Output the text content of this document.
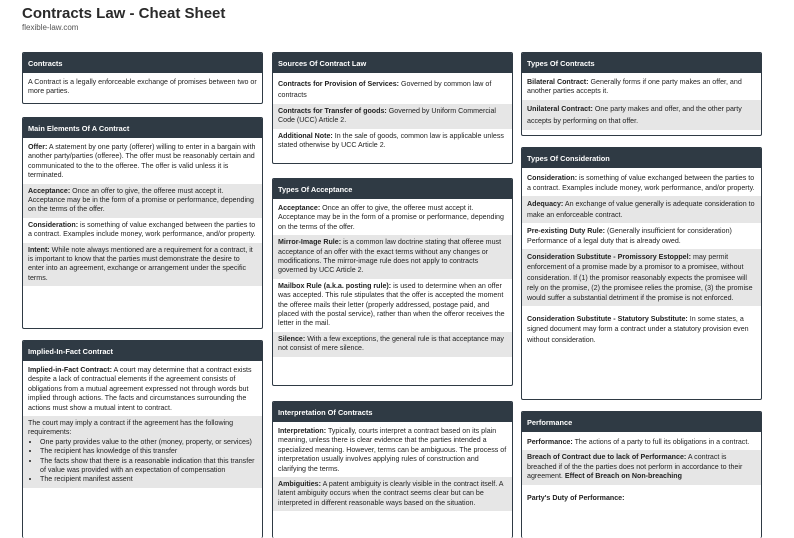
Contracts Law - Cheat Sheet
flexible-law.com
Contracts
A Contract is a legally enforceable exchange of promises between two or more parties.
Main Elements Of A Contract
Offer: A statement by one party (offerer) willing to enter in a bargain with another party/parties (offeree). The offer must be reasonably certain and communicated to the to the offeree. The offer is valid unless it is terminated.
Acceptance: Once an offer to give, the offeree must accept it. Acceptance may be in the form of a promise or performance, depending on the terms of the offer.
Consideration: is something of value exchanged between the parties to a contract. Examples include money, work performance, and/or property.
Intent: While note always mentioned are a requirement for a contract, it is important to know that the parties must demonstrate the desire to enter into an agreement, exchange or arrangement under the specific terms.
Implied-In-Fact Contract
Implied-in-Fact Contract: A court may determine that a contract exists despite a lack of contractual elements if the agreement consists of obligations from a mutual agreement expressed not through words but implied through actions. The facts and circumstances surrounding the actions must show a mutual intent to contract.
The court may imply a contract if the agreement has the following requirements:
• One party provides value to the other (money, property, or services)
• The recipient has knowledge of this transfer
• The facts show that there is a reasonable indication that this transfer of value was provided with an expectation of compensation
• The recipient manifest assent
Sources Of Contract Law
Contracts for Provision of Services: Governed by common law of contracts
Contracts for Transfer of goods: Governed by Uniform Commercial Code (UCC) Article 2.
Additional Note: In the sale of goods, common law is applicable unless stated otherwise by UCC Article 2.
Types Of Acceptance
Acceptance: Once an offer to give, the offeree must accept it. Acceptance may be in the form of a promise or performance, depending on the terms of the offer.
Mirror-Image Rule: is a common law doctrine stating that offeree must acceptance of an offer with the exact terms without any changes or modifications. The mirror-image rule does not apply to contracts governed by UCC Article 2.
Mailbox Rule (a.k.a. posting rule): is used to determine when an offer was accepted. This rule stipulates that the offer is accepted the moment the offeree mails their letter (properly addressed, postage paid, and placed with the postal service), rather than when the offeror receives the letter in the mail.
Silence: With a few exceptions, the general rule is that acceptance may not consist of mere silence.
Interpretation Of Contracts
Interpretation: Typically, courts interpret a contract based on its plain meaning, unless there is clear evidence that the parties intended a specialized meaning. However, terms can be ambiguous. The process of interpretation usually involves applying rules of construction and clarifying the terms.
Ambiguities: A patent ambiguity is clearly visible in the contract itself. A latent ambiguity occurs when the contract seems clear but can be interpreted in different reasonable ways based on the situation.
Types Of Contracts
Bilateral Contract: Generally forms if one party makes an offer, and another parties accepts it.
Unilateral Contract: One party makes and offer, and the other party accepts by performing on that offer.
Types Of Consideration
Consideration: is something of value exchanged between the parties to a contract. Examples include money, work performance, and/or property.
Adequacy: An exchange of value generally is adequate consideration to make an enforceable contract.
Pre-existing Duty Rule: (Generally insufficient for consideration) Performance of a legal duty that is already owed.
Consideration Substitute - Promissory Estoppel: may permit enforcement of a promise made by a promisor to a promisee, without consideration. If (1) the promisor reasonably expects the promisee will rely on the promise, (2) the promisee relies the promise, (3) the promise would suffer a substantial detriment if the promise is not enforced.
Consideration Substitute - Statutory Substitute: In some states, a signed document may form a contract under a statutory provision even without consideration.
Performance
Performance: The actions of a party to full its obligations in a contract.
Breach of Contract due to lack of Performance: A contract is breached if of the the parties does not perform in accordance to their agreement. Effect of Breach on Non-breaching
Party's Duty of Performance:
